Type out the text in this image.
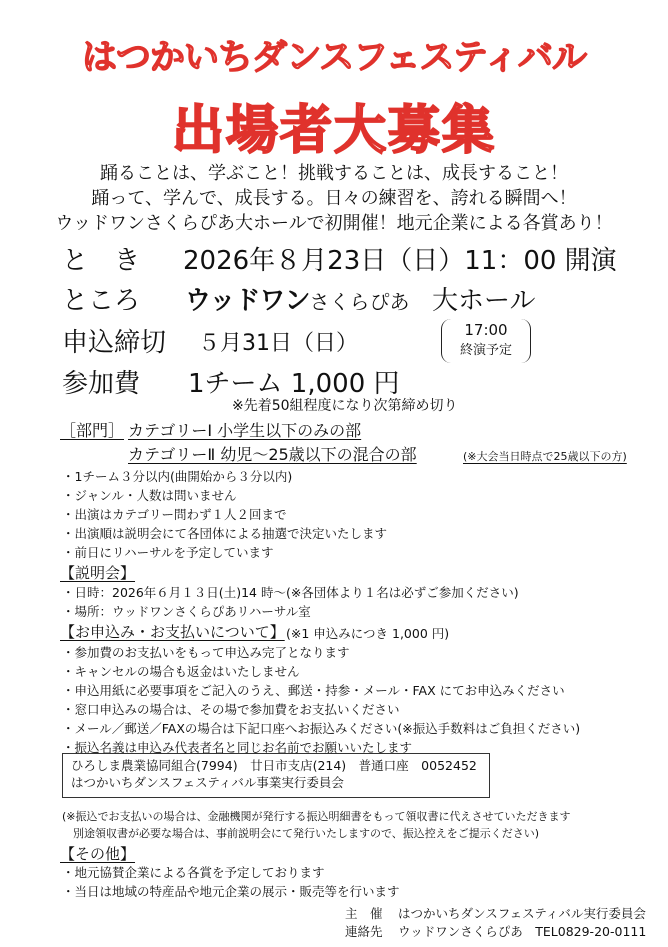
はつかいちダンスフェスティバル
出場者大募集
踊ることは、学ぶこと！挑戦することは、成長すること！
踊って、学んで、成長する。日々の練習を、誇れる瞬間へ！
ウッドワンさくらぴあ大ホールで初開催！地元企業による各賞あり！
と　き 2026年８月23日（日）11：00 開演
ところ ウッドワンさくらぴあ 大ホール
申込締切 ５月31日（日）
17:00
終演予定
参加費 1チーム 1,000 円
※先着50組程度になり次第締め切り
［部門］ カテゴリーⅠ 小学生以下のみの部
カテゴリーⅡ 幼児～25歳以下の混合の部	(※大会当日時点で25歳以下の方)
・1チーム３分以内(曲開始から３分以内)
・ジャンル・人数は問いません
・出演はカテゴリー問わず１人２回まで
・出演順は説明会にて各団体による抽選で決定いたします
・前日にリハーサルを予定しています
【説明会】
・日時：2026年６月１３日(土)14 時～(※各団体より１名は必ずご参加ください)
・場所：ウッドワンさくらぴあリハーサル室
【お申込み・お支払いについて】 (※1 申込みにつき 1,000 円)
・参加費のお支払いをもって申込み完了となります
・キャンセルの場合も返金はいたしません
・申込用紙に必要事項をご記入のうえ、郵送・持参・メール・FAX にてお申込みください
・窓口申込みの場合は、その場で参加費をお支払いください
・メール／郵送／FAXの場合は下記口座へお振込みください(※振込手数料はご負担ください)
・振込名義は申込み代表者名と同じお名前でお願いいたします
ひろしま農業協同組合(7994)　廿日市支店(214)　普通口座　0052452
はつかいちダンスフェスティバル事業実行委員会
(※振込でお支払いの場合は、金融機関が発行する振込明細書をもって領収書に代えさせていただきます
　別途領収書が必要な場合は、事前説明会にて発行いたしますので、振込控えをご提示ください)
【その他】
・地元協賛企業による各賞を予定しております
・当日は地域の特産品や地元企業の展示・販売等を行います
主　催 はつかいちダンスフェスティバル実行委員会
連絡先 ウッドワンさくらぴあ　TEL0829-20-0111
